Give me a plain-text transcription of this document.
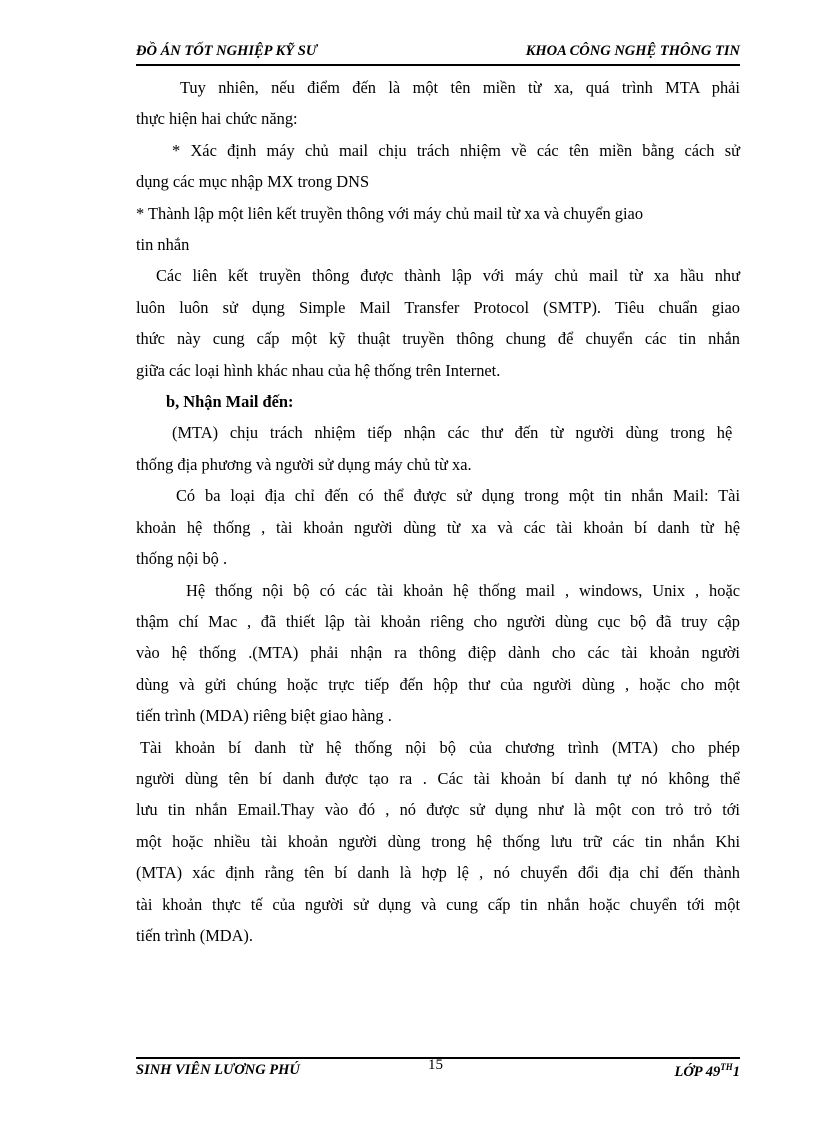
ĐỒ ÁN TỐT NGHIỆP KỸ SƯ	KHOA CÔNG NGHỆ THÔNG TIN
Tuy nhiên, nếu điểm đến là một tên miền từ xa, quá trình MTA phải
thực hiện hai chức năng:
* Xác định máy chủ mail chịu trách nhiệm về các tên miền bằng cách sử
dụng các mục nhập MX trong DNS
* Thành lập một liên kết truyền thông với máy chủ mail từ xa và chuyển giao
tin nhắn
Các liên kết truyền thông được thành lập với máy chủ mail từ xa hầu như
luôn luôn sử dụng Simple Mail Transfer Protocol (SMTP). Tiêu chuẩn giao
thức này cung cấp một kỹ thuật truyền thông chung để chuyển các tin nhắn
giữa các loại hình khác nhau của hệ thống trên Internet.
b, Nhận Mail đến:
(MTA) chịu trách nhiệm tiếp nhận các thư đến từ người dùng trong hệ
thống địa phương và người sử dụng máy chủ từ xa.
Có ba loại địa chỉ đến có thể được sử dụng trong một tin nhắn Mail: Tài
khoản hệ thống , tài khoản người dùng từ xa và các tài khoản bí danh từ hệ
thống nội bộ .
Hệ thống nội bộ có các tài khoản hệ thống mail , windows, Unix , hoặc
thậm chí Mac , đã thiết lập tài khoản riêng cho người dùng cục bộ đã truy cập
vào hệ thống .(MTA) phải nhận ra thông điệp dành cho các tài khoản người
dùng và gửi chúng hoặc trực tiếp đến hộp thư của người dùng , hoặc cho một
tiến trình (MDA) riêng biệt giao hàng .
Tài khoản bí danh từ hệ thống nội bộ của chương trình (MTA) cho phép
người dùng tên bí danh được tạo ra . Các tài khoản bí danh tự nó không thể
lưu tin nhắn Email.Thay vào đó , nó được sử dụng như là một con trỏ trỏ tới
một hoặc nhiều tài khoản người dùng trong hệ thống lưu trữ các tin nhắn Khi
(MTA) xác định rằng tên bí danh là hợp lệ , nó chuyển đổi địa chỉ đến thành
tài khoản thực tế của người sử dụng và cung cấp tin nhắn hoặc chuyển tới một
tiến trình (MDA).
SINH VIÊN LƯƠNG PHÚ	15	LỚP 49TH1
